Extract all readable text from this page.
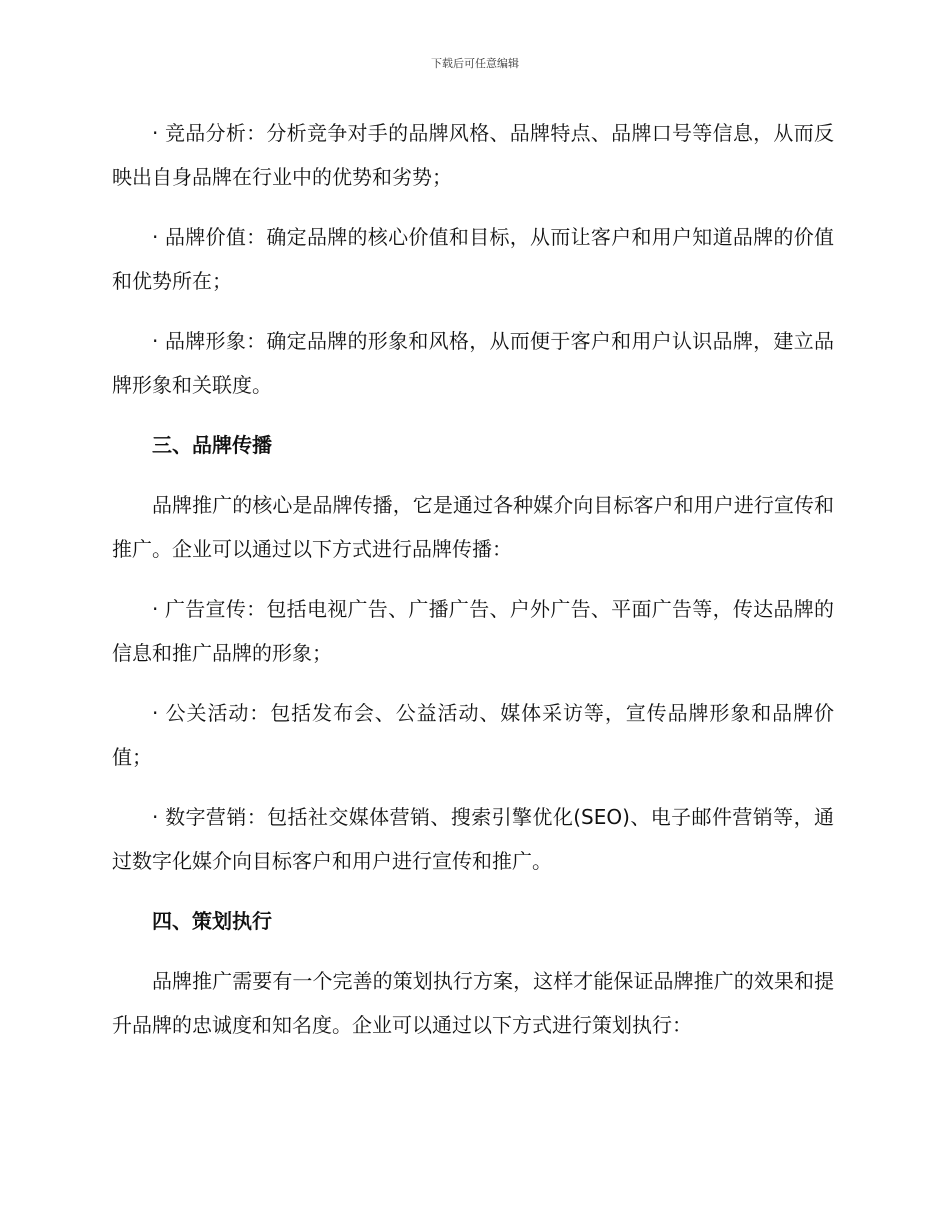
下载后可任意编辑

· 竞品分析：分析竞争对手的品牌风格、品牌特点、品牌口号等信息，从而反映出自身品牌在行业中的优势和劣势；

· 品牌价值：确定品牌的核心价值和目标，从而让客户和用户知道品牌的价值和优势所在；

· 品牌形象：确定品牌的形象和风格，从而便于客户和用户认识品牌，建立品牌形象和关联度。

三、品牌传播

品牌推广的核心是品牌传播，它是通过各种媒介向目标客户和用户进行宣传和推广。企业可以通过以下方式进行品牌传播：

· 广告宣传：包括电视广告、广播广告、户外广告、平面广告等，传达品牌的信息和推广品牌的形象；

· 公关活动：包括发布会、公益活动、媒体采访等，宣传品牌形象和品牌价值；

· 数字营销：包括社交媒体营销、搜索引擎优化(SEO)、电子邮件营销等，通过数字化媒介向目标客户和用户进行宣传和推广。

四、策划执行

品牌推广需要有一个完善的策划执行方案，这样才能保证品牌推广的效果和提升品牌的忠诚度和知名度。企业可以通过以下方式进行策划执行：
